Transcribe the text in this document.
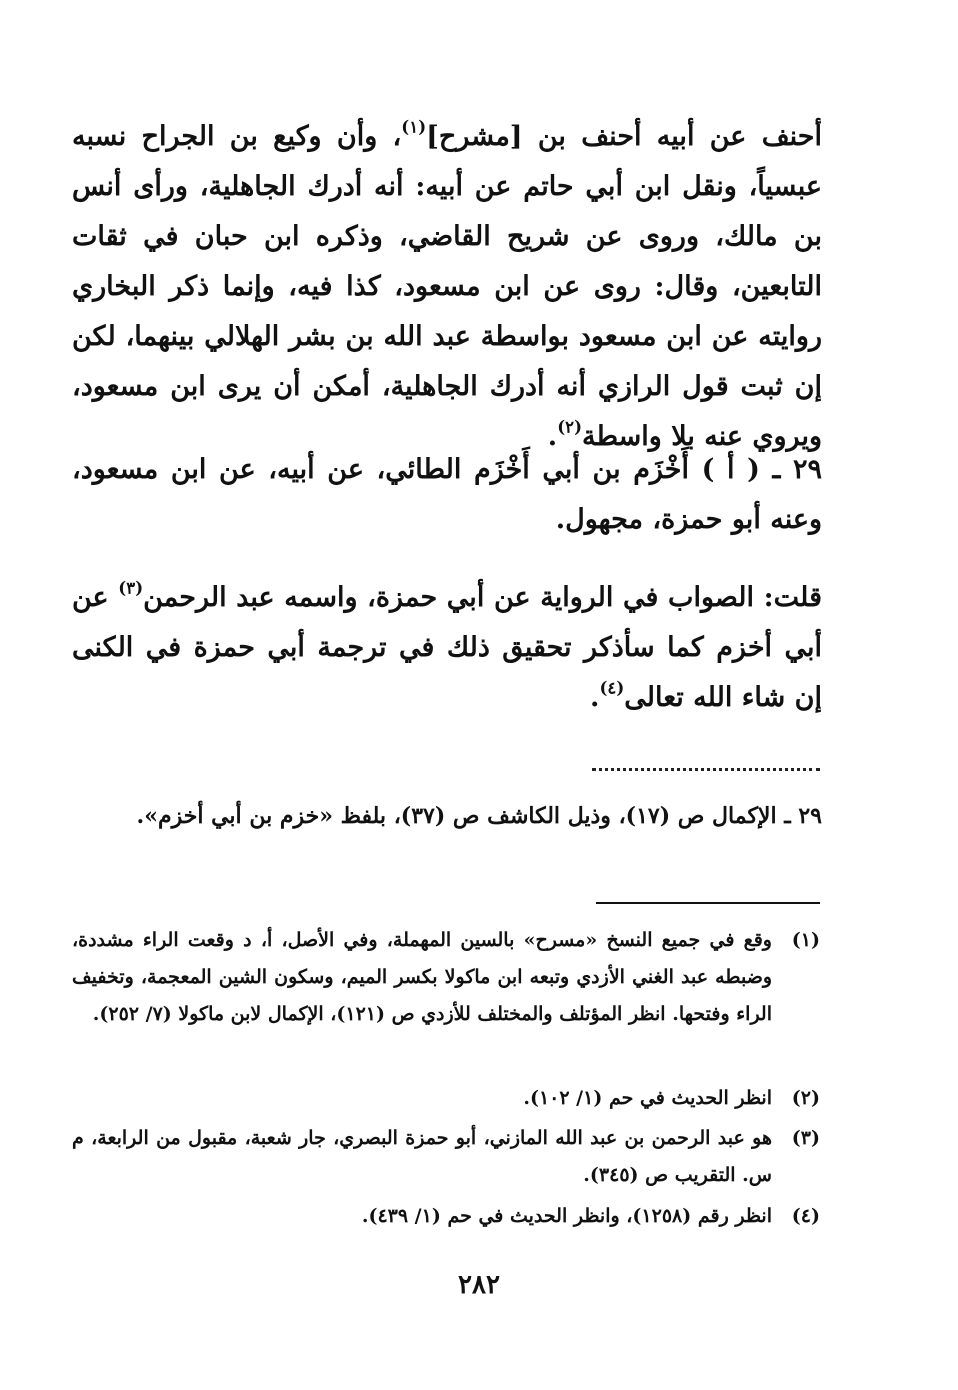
أحنف عن أبيه أحنف بن [مشرح]$^{(١)}$، وأن وكيع بن الجراح نسبه عبسياً، ونقل ابن أبي حاتم عن أبيه: أنه أدرك الجاهلية، ورأى أنس بن مالك، وروى عن شريح القاضي، وذكره ابن حبان في ثقات التابعين، وقال: روى عن ابن مسعود، كذا فيه، وإنما ذكر البخاري روايته عن ابن مسعود بواسطة عبد الله بن بشر الهلالي بينهما، لكن إن ثبت قول الرازي أنه أدرك الجاهلية، أمكن أن يرى ابن مسعود، ويروي عنه بلا واسطة$^{(٢)}$.
٢٩ ـ ( أ ) أَخْزَم بن أبي أَخْزَم الطائي، عن أبيه، عن ابن مسعود، وعنه أبو حمزة، مجهول.
قلت: الصواب في الرواية عن أبي حمزة، واسمه عبد الرحمن$^{(٣)}$ عن أبي أخزم كما سأذكر تحقيق ذلك في ترجمة أبي حمزة في الكنى إن شاء الله تعالى$^{(٤)}$.
٢٩ ـ الإكمال ص (١٧)، وذيل الكاشف ص (٣٧)، بلفظ «خزم بن أبي أخزم».
(١)
وقع في جميع النسخ «مسرح» بالسين المهملة، وفي الأصل، أ، د وقعت الراء مشددة، وضبطه عبد الغني الأزدي وتبعه ابن ماكولا بكسر الميم، وسكون الشين المعجمة، وتخفيف الراء وفتحها. انظر المؤتلف والمختلف للأزدي ص (١٢١)، الإكمال لابن ماكولا (٧/ ٢٥٢).
(٢)
انظر الحديث في حم (١/ ١٠٢).
(٣)
هو عبد الرحمن بن عبد الله المازني، أبو حمزة البصري، جار شعبة، مقبول من الرابعة، م س. التقريب ص (٣٤٥).
(٤)
انظر رقم (١٢٥٨)، وانظر الحديث في حم (١/ ٤٣٩).
٢٨٢
